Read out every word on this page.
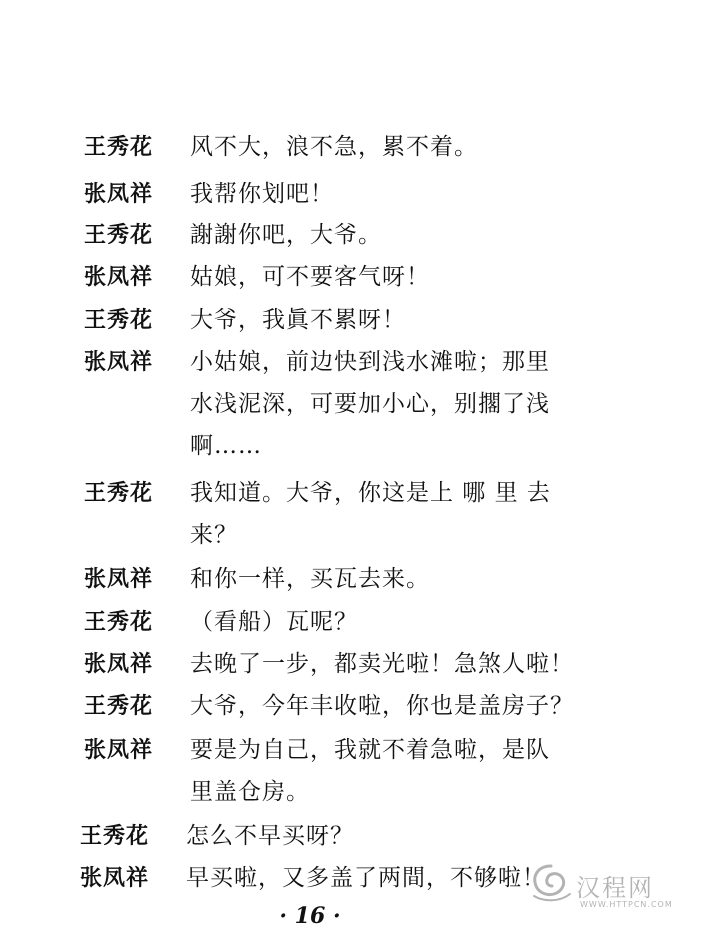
王秀花	风不大，浪不急，累不着。
张凤祥	我帮你划吧！
王秀花	謝謝你吧，大爷。
张凤祥	姑娘，可不要客气呀！
王秀花	大爷，我眞不累呀！
张凤祥	小姑娘，前边快到浅水滩啦；那里
水浅泥深，可要加小心，别擱了浅
啊……
王秀花	我知道。大爷，你这是上 哪 里 去
来？
张凤祥	和你一样，买瓦去来。
王秀花	（看船）瓦呢？
张凤祥	去晚了一步，都卖光啦！急煞人啦！
王秀花	大爷，今年丰收啦，你也是盖房子？
张凤祥	要是为自己，我就不着急啦，是队
里盖仓房。
王秀花	怎么不早买呀？
张凤祥	早买啦，又多盖了两間，不够啦！
· 16 ·
汉程网
WWW.HTTPCN.COM
